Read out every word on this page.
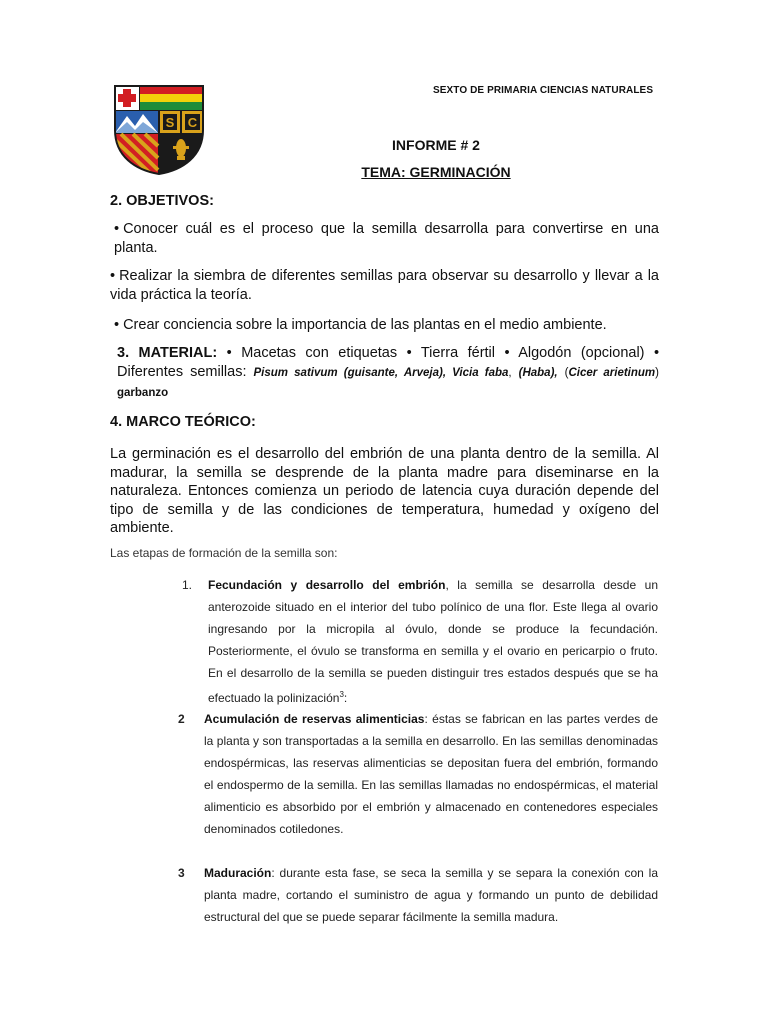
S C
SEXTO DE PRIMARIA CIENCIAS NATURALES
INFORME # 2
TEMA: GERMINACIÓN
2. OBJETIVOS:
• Conocer cuál es el proceso que la semilla desarrolla para convertirse en una planta.
• Realizar la siembra de diferentes semillas para observar su desarrollo y llevar a la vida práctica la teoría.
• Crear conciencia sobre la importancia de las plantas en el medio ambiente.
3. MATERIAL: • Macetas con etiquetas • Tierra fértil • Algodón (opcional) • Diferentes semillas: Pisum sativum (guisante, Arveja), Vicia faba, (Haba), (Cicer arietinum) garbanzo
4. MARCO TEÓRICO:
La germinación es el desarrollo del embrión de una planta dentro de la semilla. Al madurar, la semilla se desprende de la planta madre para diseminarse en la naturaleza. Entonces comienza un periodo de latencia cuya duración depende del tipo de semilla y de las condiciones de temperatura, humedad y oxígeno del ambiente.
Las etapas de formación de la semilla son:
1. Fecundación y desarrollo del embrión, la semilla se desarrolla desde un anterozoide situado en el interior del tubo polínico de una flor. Este llega al ovario ingresando por la micropila al óvulo, donde se produce la fecundación. Posteriormente, el óvulo se transforma en semilla y el ovario en pericarpio o fruto. En el desarrollo de la semilla se pueden distinguir tres estados después que se ha efectuado la polinización$^3$:
2 Acumulación de reservas alimenticias: éstas se fabrican en las partes verdes de la planta y son transportadas a la semilla en desarrollo. En las semillas denominadas endospérmicas, las reservas alimenticias se depositan fuera del embrión, formando el endospermo de la semilla. En las semillas llamadas no endospérmicas, el material alimenticio es absorbido por el embrión y almacenado en contenedores especiales denominados cotiledones.
3 Maduración: durante esta fase, se seca la semilla y se separa la conexión con la planta madre, cortando el suministro de agua y formando un punto de debilidad estructural del que se puede separar fácilmente la semilla madura.
